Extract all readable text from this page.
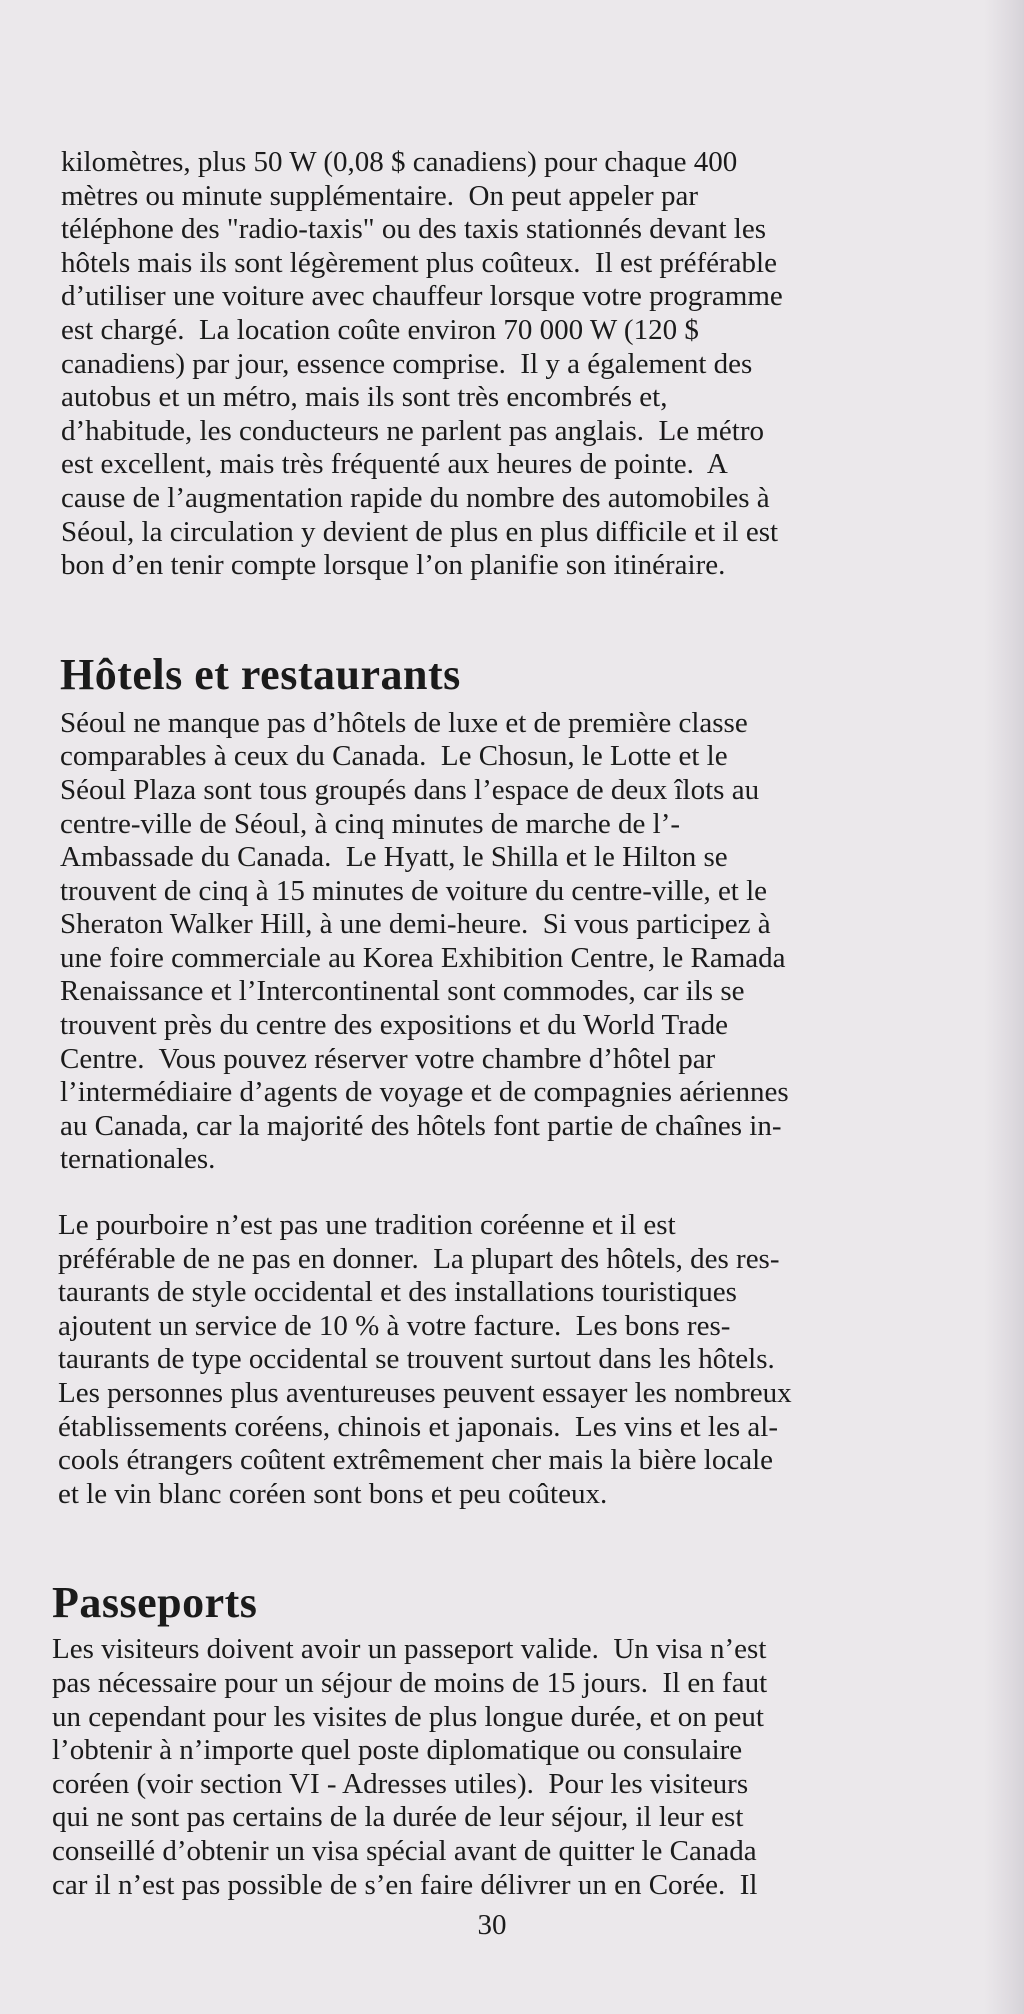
kilomètres, plus 50 W (0,08 $ canadiens) pour chaque 400
mètres ou minute supplémentaire.  On peut appeler par
téléphone des "radio-taxis" ou des taxis stationnés devant les
hôtels mais ils sont légèrement plus coûteux.  Il est préférable
d’utiliser une voiture avec chauffeur lorsque votre programme
est chargé.  La location coûte environ 70 000 W (120 $
canadiens) par jour, essence comprise.  Il y a également des
autobus et un métro, mais ils sont très encombrés et,
d’habitude, les conducteurs ne parlent pas anglais.  Le métro
est excellent, mais très fréquenté aux heures de pointe.  A
cause de l’augmentation rapide du nombre des automobiles à
Séoul, la circulation y devient de plus en plus difficile et il est
bon d’en tenir compte lorsque l’on planifie son itinéraire.
Hôtels et restaurants
Séoul ne manque pas d’hôtels de luxe et de première classe
comparables à ceux du Canada.  Le Chosun, le Lotte et le
Séoul Plaza sont tous groupés dans l’espace de deux îlots au
centre-ville de Séoul, à cinq minutes de marche de l’-
Ambassade du Canada.  Le Hyatt, le Shilla et le Hilton se
trouvent de cinq à 15 minutes de voiture du centre-ville, et le
Sheraton Walker Hill, à une demi-heure.  Si vous participez à
une foire commerciale au Korea Exhibition Centre, le Ramada
Renaissance et l’Intercontinental sont commodes, car ils se
trouvent près du centre des expositions et du World Trade
Centre.  Vous pouvez réserver votre chambre d’hôtel par
l’intermédiaire d’agents de voyage et de compagnies aériennes
au Canada, car la majorité des hôtels font partie de chaînes in-
ternationales.
Le pourboire n’est pas une tradition coréenne et il est
préférable de ne pas en donner.  La plupart des hôtels, des res-
taurants de style occidental et des installations touristiques
ajoutent un service de 10 % à votre facture.  Les bons res-
taurants de type occidental se trouvent surtout dans les hôtels.
Les personnes plus aventureuses peuvent essayer les nombreux
établissements coréens, chinois et japonais.  Les vins et les al-
cools étrangers coûtent extrêmement cher mais la bière locale
et le vin blanc coréen sont bons et peu coûteux.
Passeports
Les visiteurs doivent avoir un passeport valide.  Un visa n’est
pas nécessaire pour un séjour de moins de 15 jours.  Il en faut
un cependant pour les visites de plus longue durée, et on peut
l’obtenir à n’importe quel poste diplomatique ou consulaire
coréen (voir section VI - Adresses utiles).  Pour les visiteurs
qui ne sont pas certains de la durée de leur séjour, il leur est
conseillé d’obtenir un visa spécial avant de quitter le Canada
car il n’est pas possible de s’en faire délivrer un en Corée.  Il
30
